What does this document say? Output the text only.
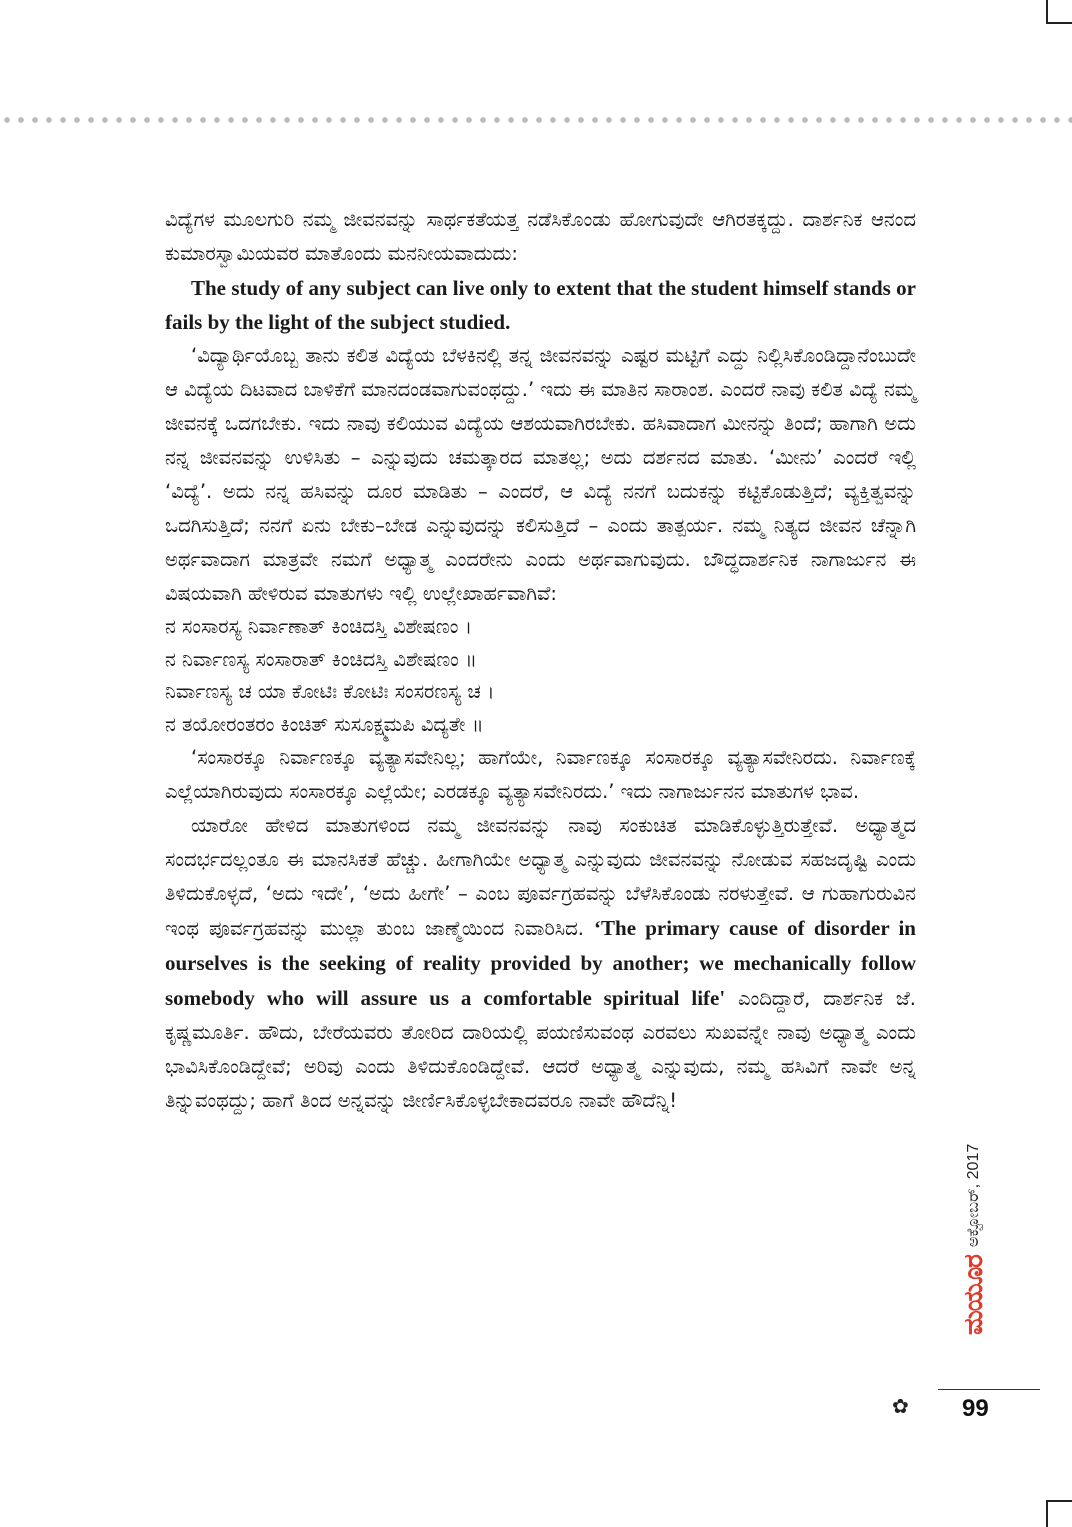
ವಿದ್ಯೆಗಳ ಮೂಲಗುರಿ ನಮ್ಮ ಜೀವನವನ್ನು ಸಾರ್ಥಕತೆಯತ್ತ ನಡೆಸಿಕೊಂಡು ಹೋಗುವುದೇ ಆಗಿರತಕ್ಕದ್ದು. ದಾರ್ಶನಿಕ ಆನಂದ ಕುಮಾರಸ್ವಾಮಿಯವರ ಮಾತೊಂದು ಮನನೀಯವಾದುದು:

The study of any subject can live only to extent that the student himself stands or fails by the light of the subject studied.

‘ವಿದ್ಯಾರ್ಥಿಯೊಬ್ಬ ತಾನು ಕಲಿತ ವಿದ್ಯೆಯ ಬೆಳಕಿನಲ್ಲಿ ತನ್ನ ಜೀವನವನ್ನು ಎಷ್ಟರ ಮಟ್ಟಿಗೆ ಎದ್ದು ನಿಲ್ಲಿಸಿಕೊಂಡಿದ್ದಾನೆಂಬುದೇ ಆ ವಿದ್ಯೆಯ ದಿಟವಾದ ಬಾಳಿಕೆಗೆ ಮಾನದಂಡವಾಗುವಂಥದ್ದು.’ ಇದು ಈ ಮಾತಿನ ಸಾರಾಂಶ. ಎಂದರೆ ನಾವು ಕಲಿತ ವಿದ್ಯೆ ನಮ್ಮ ಜೀವನಕ್ಕೆ ಒದಗಬೇಕು. ಇದು ನಾವು ಕಲಿಯುವ ವಿದ್ಯೆಯ ಆಶಯವಾಗಿರಬೇಕು. ಹಸಿವಾದಾಗ ಮೀನನ್ನು ತಿಂದೆ; ಹಾಗಾಗಿ ಅದು ನನ್ನ ಜೀವನವನ್ನು ಉಳಿಸಿತು – ಎನ್ನುವುದು ಚಮತ್ಕಾರದ ಮಾತಲ್ಲ; ಅದು ದರ್ಶನದ ಮಾತು. ‘ಮೀನು’ ಎಂದರೆ ಇಲ್ಲಿ ‘ವಿದ್ಯೆ’. ಅದು ನನ್ನ ಹಸಿವನ್ನು ದೂರ ಮಾಡಿತು – ಎಂದರೆ, ಆ ವಿದ್ಯೆ ನನಗೆ ಬದುಕನ್ನು ಕಟ್ಟಿಕೊಡುತ್ತಿದೆ; ವ್ಯಕ್ತಿತ್ವವನ್ನು ಒದಗಿಸುತ್ತಿದೆ; ನನಗೆ ಏನು ಬೇಕು–ಬೇಡ ಎನ್ನುವುದನ್ನು ಕಲಿಸುತ್ತಿದೆ – ಎಂದು ತಾತ್ಪರ್ಯ. ನಮ್ಮ ನಿತ್ಯದ ಜೀವನ ಚೆನ್ನಾಗಿ ಅರ್ಥವಾದಾಗ ಮಾತ್ರವೇ ನಮಗೆ ಅಧ್ಯಾತ್ಮ ಎಂದರೇನು ಎಂದು ಅರ್ಥವಾಗುವುದು. ಬೌದ್ಧದಾರ್ಶನಿಕ ನಾಗಾರ್ಜುನ ಈ ವಿಷಯವಾಗಿ ಹೇಳಿರುವ ಮಾತುಗಳು ಇಲ್ಲಿ ಉಲ್ಲೇಖಾರ್ಹವಾಗಿವೆ:

ನ ಸಂಸಾರಸ್ಯ ನಿರ್ವಾಣಾತ್ ಕಿಂಚಿದಸ್ತಿ ವಿಶೇಷಣಂ ।
ನ ನಿರ್ವಾಣಸ್ಯ ಸಂಸಾರಾತ್ ಕಿಂಚಿದಸ್ತಿ ವಿಶೇಷಣಂ ॥
ನಿರ್ವಾಣಸ್ಯ ಚ ಯಾ ಕೋಟಿಃ ಕೋಟಿಃ ಸಂಸರಣಸ್ಯ ಚ ।
ನ ತಯೋರಂತರಂ ಕಿಂಚಿತ್ ಸುಸೂಕ್ಷ್ಮಮಪಿ ವಿದ್ಯತೇ ॥

‘ಸಂಸಾರಕ್ಕೂ ನಿರ್ವಾಣಕ್ಕೂ ವ್ಯತ್ಯಾಸವೇನಿಲ್ಲ; ಹಾಗೆಯೇ, ನಿರ್ವಾಣಕ್ಕೂ ಸಂಸಾರಕ್ಕೂ ವ್ಯತ್ಯಾಸವೇನಿರದು. ನಿರ್ವಾಣಕ್ಕೆ ಎಲ್ಲೆಯಾಗಿರುವುದು ಸಂಸಾರಕ್ಕೂ ಎಲ್ಲೆಯೇ; ಎರಡಕ್ಕೂ ವ್ಯತ್ಯಾಸವೇನಿರದು.’ ಇದು ನಾಗಾರ್ಜುನನ ಮಾತುಗಳ ಭಾವ.

ಯಾರೋ ಹೇಳಿದ ಮಾತುಗಳಿಂದ ನಮ್ಮ ಜೀವನವನ್ನು ನಾವು ಸಂಕುಚಿತ ಮಾಡಿಕೊಳ್ಳುತ್ತಿರುತ್ತೇವೆ. ಅಧ್ಯಾತ್ಮದ ಸಂದರ್ಭದಲ್ಲಂತೂ ಈ ಮಾನಸಿಕತೆ ಹೆಚ್ಚು. ಹೀಗಾಗಿಯೇ ಅಧ್ಯಾತ್ಮ ಎನ್ನುವುದು ಜೀವನವನ್ನು ನೋಡುವ ಸಹಜದೃಷ್ಟಿ ಎಂದು ತಿಳಿದುಕೊಳ್ಳದೆ, ‘ಅದು ಇದೇ’, ‘ಅದು ಹೀಗೇ’ – ಎಂಬ ಪೂರ್ವಗ್ರಹವನ್ನು ಬೆಳೆಸಿಕೊಂಡು ನರಳುತ್ತೇವೆ. ಆ ಗುಹಾಗುರುವಿನ ಇಂಥ ಪೂರ್ವಗ್ರಹವನ್ನು ಮುಲ್ಲಾ ತುಂಬ ಜಾಣ್ಮೆಯಿಂದ ನಿವಾರಿಸಿದ. ‘The primary cause of disorder in ourselves is the seeking of reality provided by another; we mechanically follow somebody who will assure us a comfortable spiritual life' ಎಂದಿದ್ದಾರೆ, ದಾರ್ಶನಿಕ ಜೆ. ಕೃಷ್ಣಮೂರ್ತಿ. ಹೌದು, ಬೇರೆಯವರು ತೋರಿದ ದಾರಿಯಲ್ಲಿ ಪಯಣಿಸುವಂಥ ಎರವಲು ಸುಖವನ್ನೇ ನಾವು ಅಧ್ಯಾತ್ಮ ಎಂದು ಭಾವಿಸಿಕೊಂಡಿದ್ದೇವೆ; ಅರಿವು ಎಂದು ತಿಳಿದುಕೊಂಡಿದ್ದೇವೆ. ಆದರೆ ಅಧ್ಯಾತ್ಮ ಎನ್ನುವುದು, ನಮ್ಮ ಹಸಿವಿಗೆ ನಾವೇ ಅನ್ನ ತಿನ್ನುವಂಥದ್ದು; ಹಾಗೆ ತಿಂದ ಅನ್ನವನ್ನು ಜೀರ್ಣಿಸಿಕೊಳ್ಳಬೇಕಾದವರೂ ನಾವೇ ಹೌದೆನ್ನಿ!

✿
ಮಯೂರ
ಅಕ್ಟೋಬರ್, 2017
99
